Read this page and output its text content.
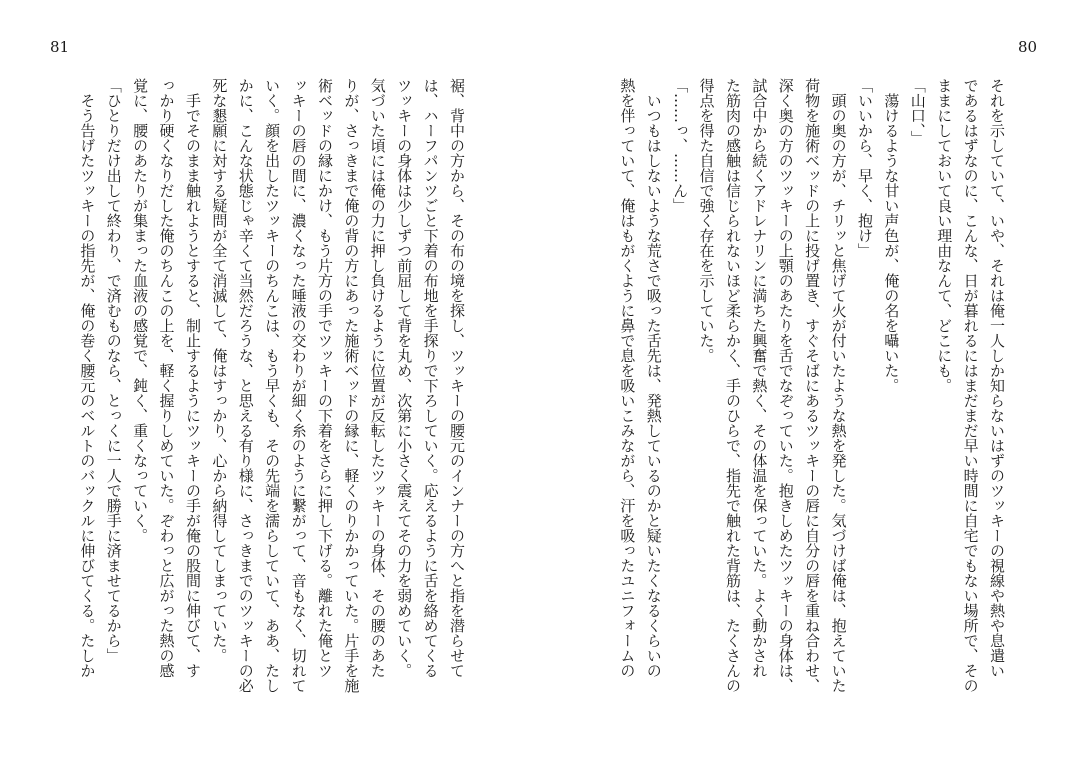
81	80

それを示していて、いや、それは俺一人しか知らないはずのツッキーの視線や熱や息遣い

であるはずなのに、こんな、日が暮れるにはまだまだ早い時間に自宅でもない場所で、その

ままにしておいて良い理由なんて、どこにも。

「山口、」

　蕩けるような甘い声色が、俺の名を囁いた。

「いいから、早く、抱け」

　頭の奥の方が、チリッと焦げて火が付いたような熱を発した。気づけば俺は、抱えていた

荷物を施術ベッドの上に投げ置き、すぐそばにあるツッキーの唇に自分の唇を重ね合わせ、

深く奥の方のツッキーの上顎のあたりを舌でなぞっていた。抱きしめたツッキーの身体は、

試合中から続くアドレナリンに満ちた興奮で熱く、その体温を保っていた。よく動かされ

た筋肉の感触は信じられないほど柔らかく、手のひらで、指先で触れた背筋は、たくさんの

得点を得た自信で強く存在を示していた。

「……っ、……ん」

　いつもはしないような荒さで吸った舌先は、発熱しているのかと疑いたくなるくらいの

熱を伴っていて、俺はもがくように鼻で息を吸いこみながら、汗を吸ったユニフォームの

裾、背中の方から、その布の境を探し、ツッキーの腰元のインナーの方へと指を潜らせて

は、ハーフパンツごと下着の布地を手探りで下ろしていく。応えるように舌を絡めてくる

ツッキーの身体は少しずつ前屈して背を丸め、次第に小さく震えてその力を弱めていく。

気づいた頃には俺の力に押し負けるように位置が反転したツッキーの身体、その腰のあた

りが、さっきまで俺の背の方にあった施術ベッドの縁に、軽くのりかかっていた。片手を施

術ベッドの縁にかけ、もう片方の手でツッキーの下着をさらに押し下げる。離れた俺とツ

ッキーの唇の間に、濃くなった唾液の交わりが細く糸のように繋がって、音もなく、切れて

いく。顔を出したツッキーのちんこは、もう早くも、その先端を濡らしていて、ああ、たし

かに、こんな状態じゃ辛くて当然だろうな、と思える有り様に、さっきまでのツッキーの必

死な懇願に対する疑問が全て消滅して、俺はすっかり、心から納得してしまっていた。

　手でそのまま触れようとすると、制止するようにツッキーの手が俺の股間に伸びて、す

っかり硬くなりだした俺のちんこの上を、軽く握りしめていた。ぞわっと広がった熱の感

覚に、腰のあたりが集まった血液の感覚で、鈍く、重くなっていく。

「ひとりだけ出して終わり、で済むものなら、とっくに一人で勝手に済ませてるから」

　そう告げたツッキーの指先が、俺の巻く腰元のベルトのバックルに伸びてくる。たしか
